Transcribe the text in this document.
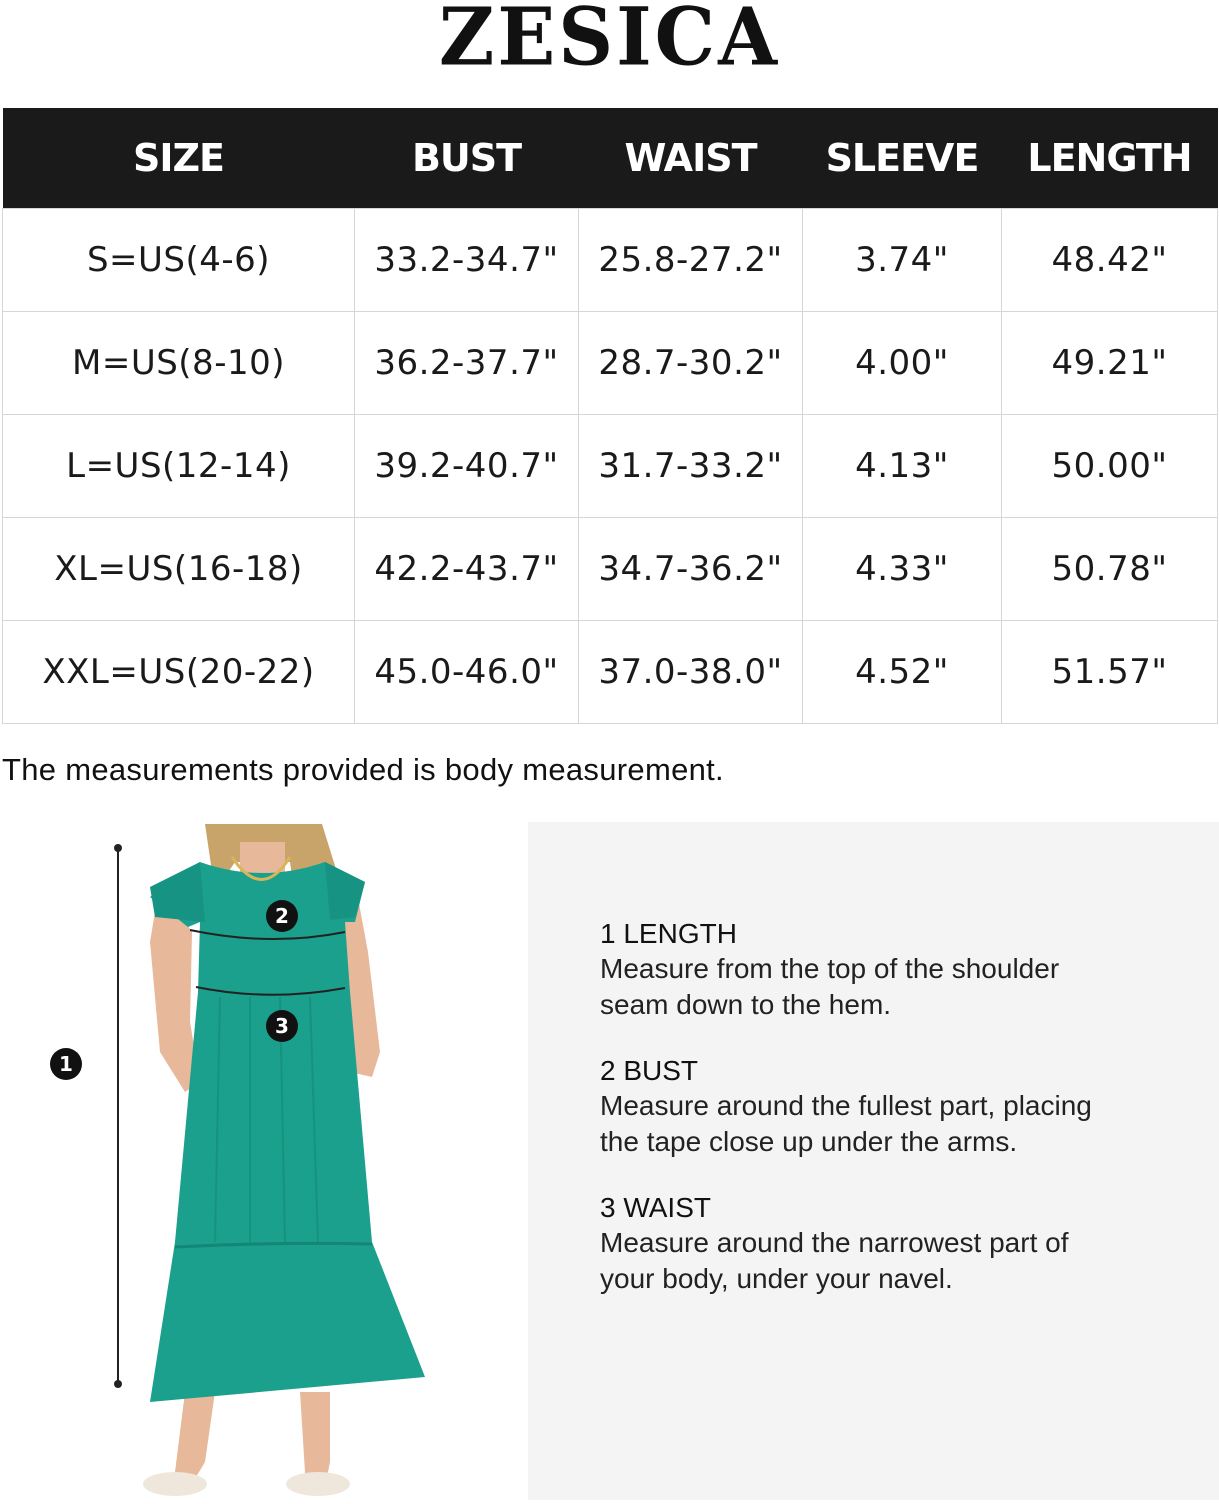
ZESICA
SIZE	BUST	WAIST	SLEEVE	LENGTH
S=US(4-6)	33.2-34.7"	25.8-27.2"	3.74"	48.42"
M=US(8-10)	36.2-37.7"	28.7-30.2"	4.00"	49.21"
L=US(12-14)	39.2-40.7"	31.7-33.2"	4.13"	50.00"
XL=US(16-18)	42.2-43.7"	34.7-36.2"	4.33"	50.78"
XXL=US(20-22)	45.0-46.0"	37.0-38.0"	4.52"	51.57"
The measurements provided is body measurement.
1
2
3
1 LENGTH
Measure from the top of the shoulder
seam down to the hem.
2 BUST
Measure around the fullest part, placing
the tape close up under the arms.
3 WAIST
Measure around the narrowest part of
your body, under your navel.
